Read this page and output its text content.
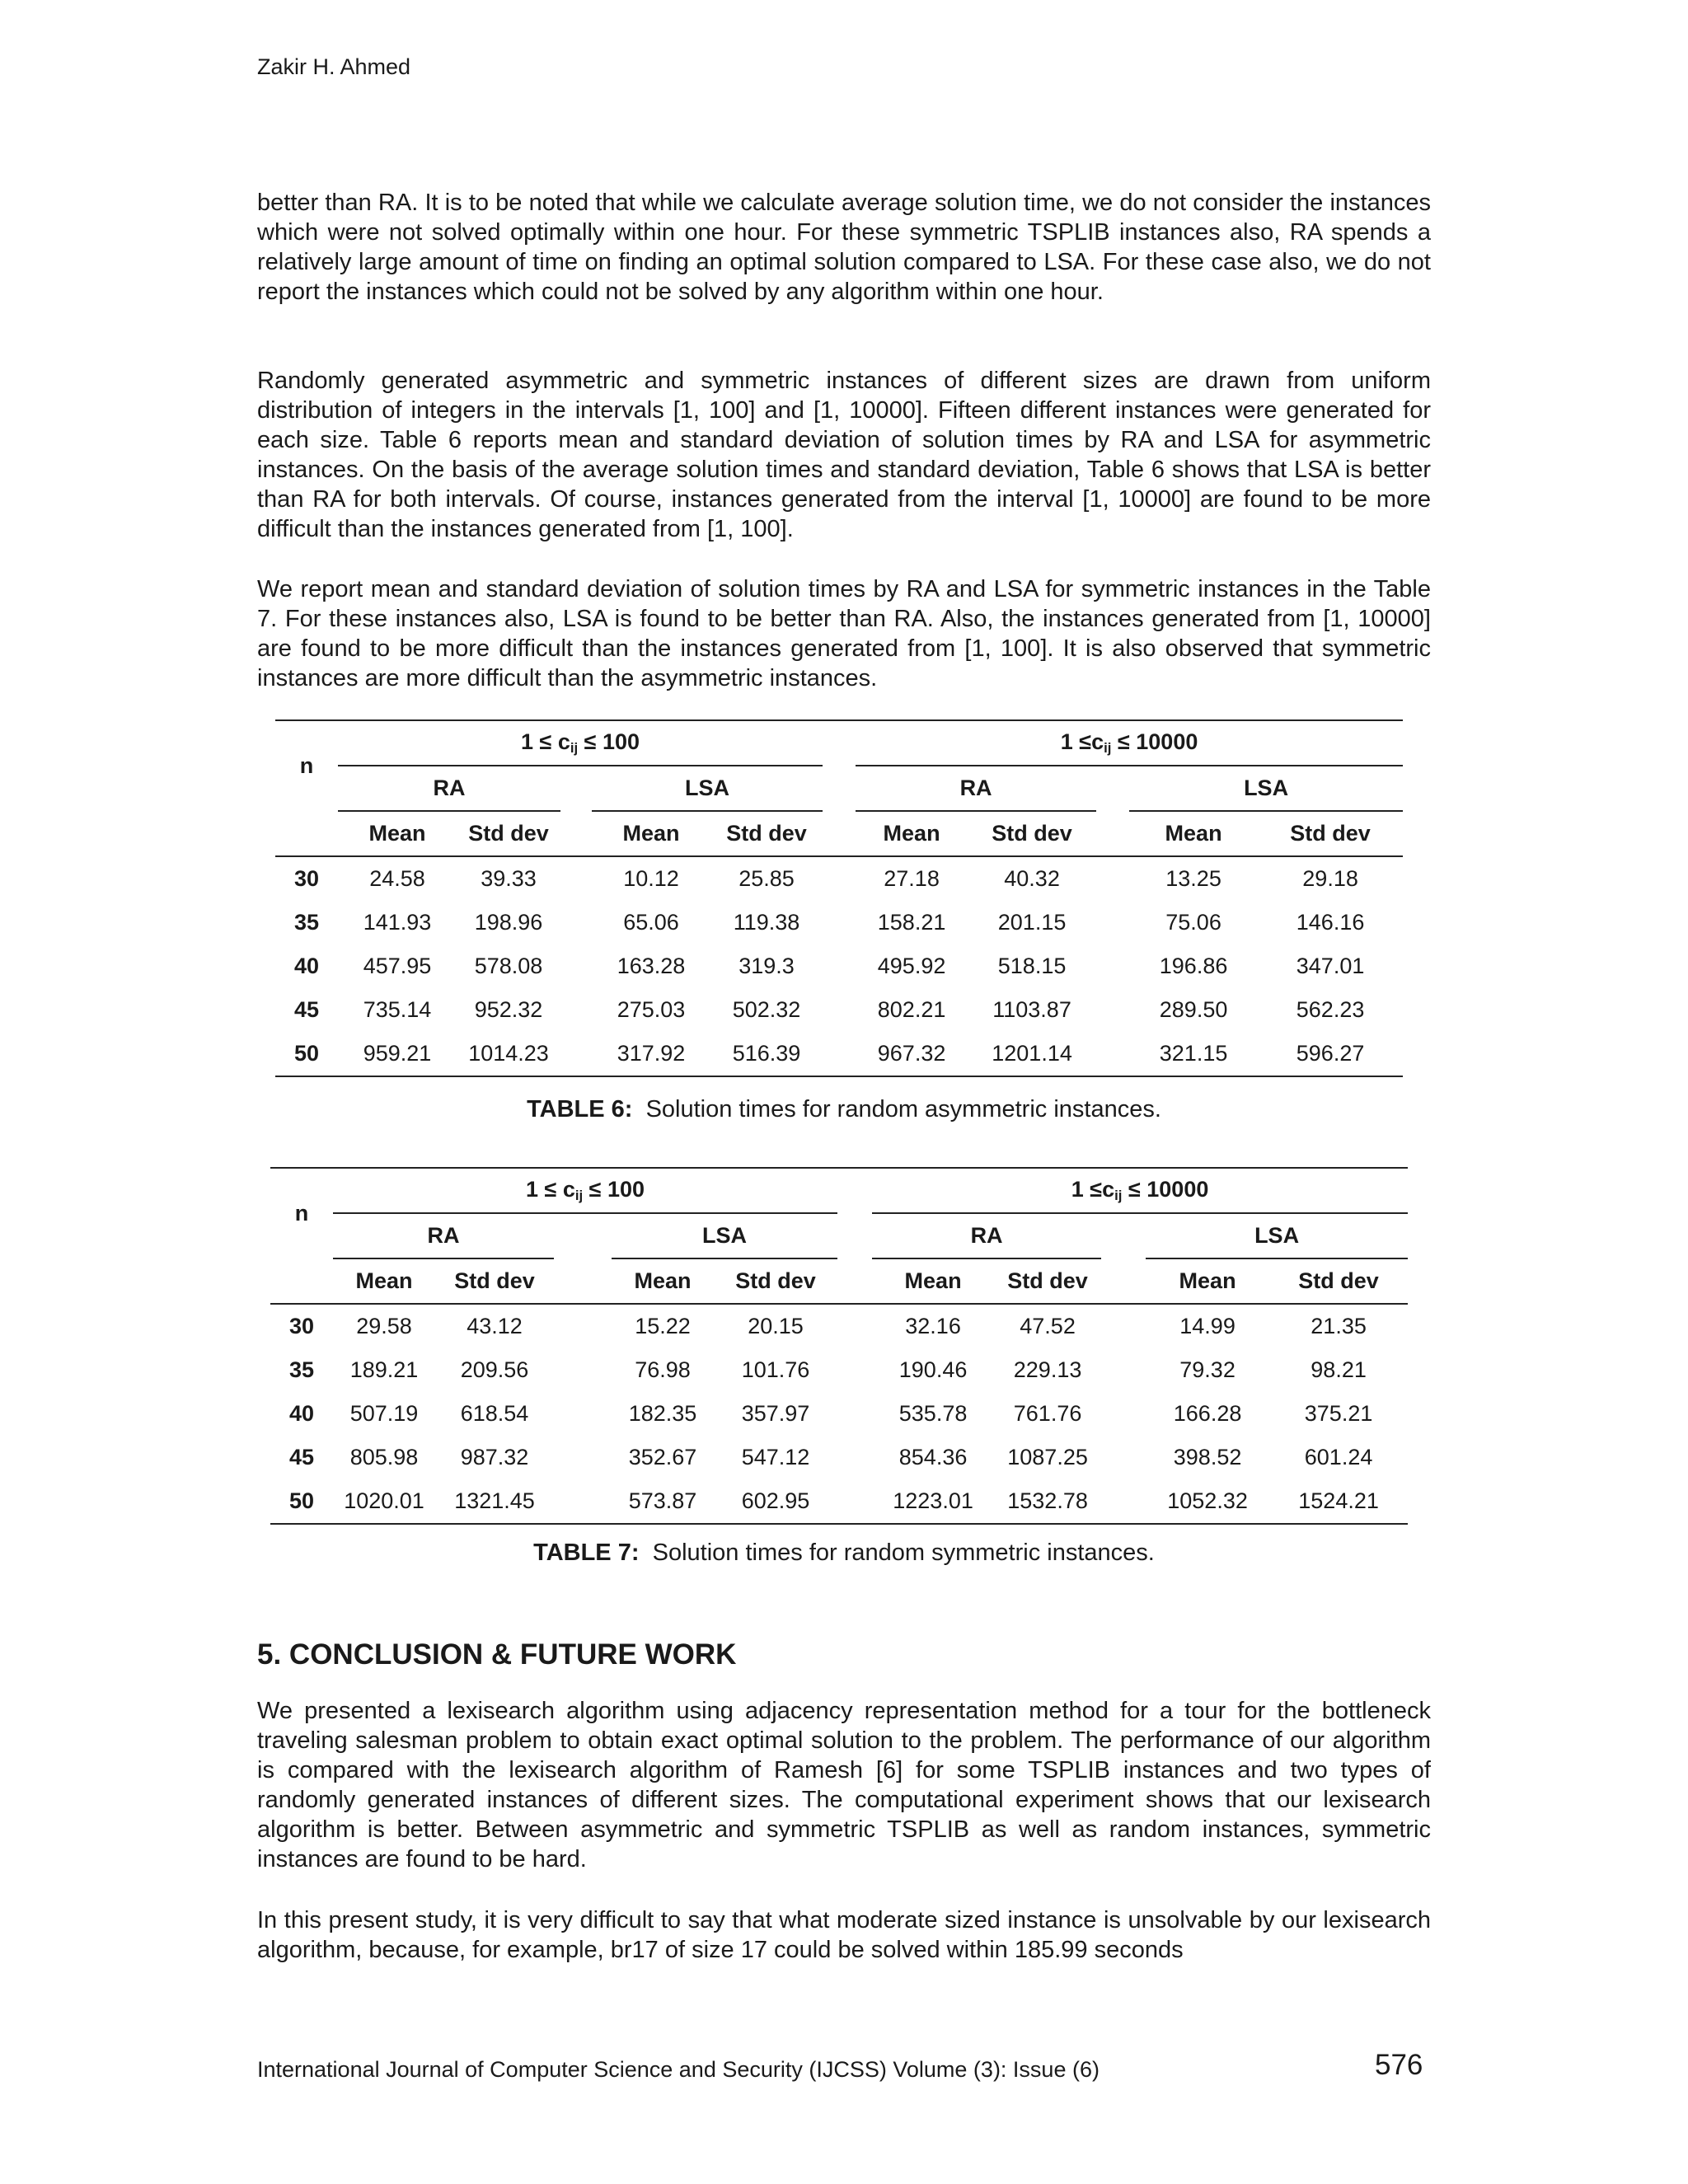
Zakir H. Ahmed

better than RA. It is to be noted that while we calculate average solution time, we do not consider the instances which were not solved optimally within one hour. For these symmetric TSPLIB instances also, RA spends a relatively large amount of time on finding an optimal solution compared to LSA. For these case also, we do not report the instances which could not be solved by any algorithm within one hour.

Randomly generated asymmetric and symmetric instances of different sizes are drawn from uniform distribution of integers in the intervals [1, 100] and [1, 10000]. Fifteen different instances were generated for each size. Table 6 reports mean and standard deviation of solution times by RA and LSA for asymmetric instances. On the basis of the average solution times and standard deviation, Table 6 shows that LSA is better than RA for both intervals. Of course, instances generated from the interval [1, 10000] are found to be more difficult than the instances generated from [1, 100].

We report mean and standard deviation of solution times by RA and LSA for symmetric instances in the Table 7. For these instances also, LSA is found to be better than RA. Also, the instances generated from [1, 10000] are found to be more difficult than the instances generated from [1, 100]. It is also observed that symmetric instances are more difficult than the asymmetric instances.

n	$1 \le c_{ij} \le 100$						$1 \le c_{ij} \le 10000$				
	RA			LSA			RA			LSA	
	Mean	Std dev		Mean	Std dev		Mean	Std dev		Mean	Std dev
30	24.58	39.33		10.12	25.85		27.18	40.32		13.25	29.18
35	141.93	198.96		65.06	119.38		158.21	201.15		75.06	146.16
40	457.95	578.08		163.28	319.3		495.92	518.15		196.86	347.01
45	735.14	952.32		275.03	502.32		802.21	1103.87		289.50	562.23
50	959.21	1014.23		317.92	516.39		967.32	1201.14		321.15	596.27
TABLE 6: Solution times for random asymmetric instances.
n	$1 \le c_{ij} \le 100$						$1 \le c_{ij} \le 10000$				
	RA			LSA			RA			LSA	
	Mean	Std dev		Mean	Std dev		Mean	Std dev		Mean	Std dev
30	29.58	43.12		15.22	20.15		32.16	47.52		14.99	21.35
35	189.21	209.56		76.98	101.76		190.46	229.13		79.32	98.21
40	507.19	618.54		182.35	357.97		535.78	761.76		166.28	375.21
45	805.98	987.32		352.67	547.12		854.36	1087.25		398.52	601.24
50	1020.01	1321.45		573.87	602.95		1223.01	1532.78		1052.32	1524.21
TABLE 7: Solution times for random symmetric instances.
5. CONCLUSION & FUTURE WORK

We presented a lexisearch algorithm using adjacency representation method for a tour for the bottleneck traveling salesman problem to obtain exact optimal solution to the problem. The performance of our algorithm is compared with the lexisearch algorithm of Ramesh [6] for some TSPLIB instances and two types of randomly generated instances of different sizes. The computational experiment shows that our lexisearch algorithm is better. Between asymmetric and symmetric TSPLIB as well as random instances, symmetric instances are found to be hard.

In this present study, it is very difficult to say that what moderate sized instance is unsolvable by our lexisearch algorithm, because, for example, br17 of size 17 could be solved within 185.99 seconds

International Journal of Computer Science and Security (IJCSS) Volume (3): Issue (6)	576
